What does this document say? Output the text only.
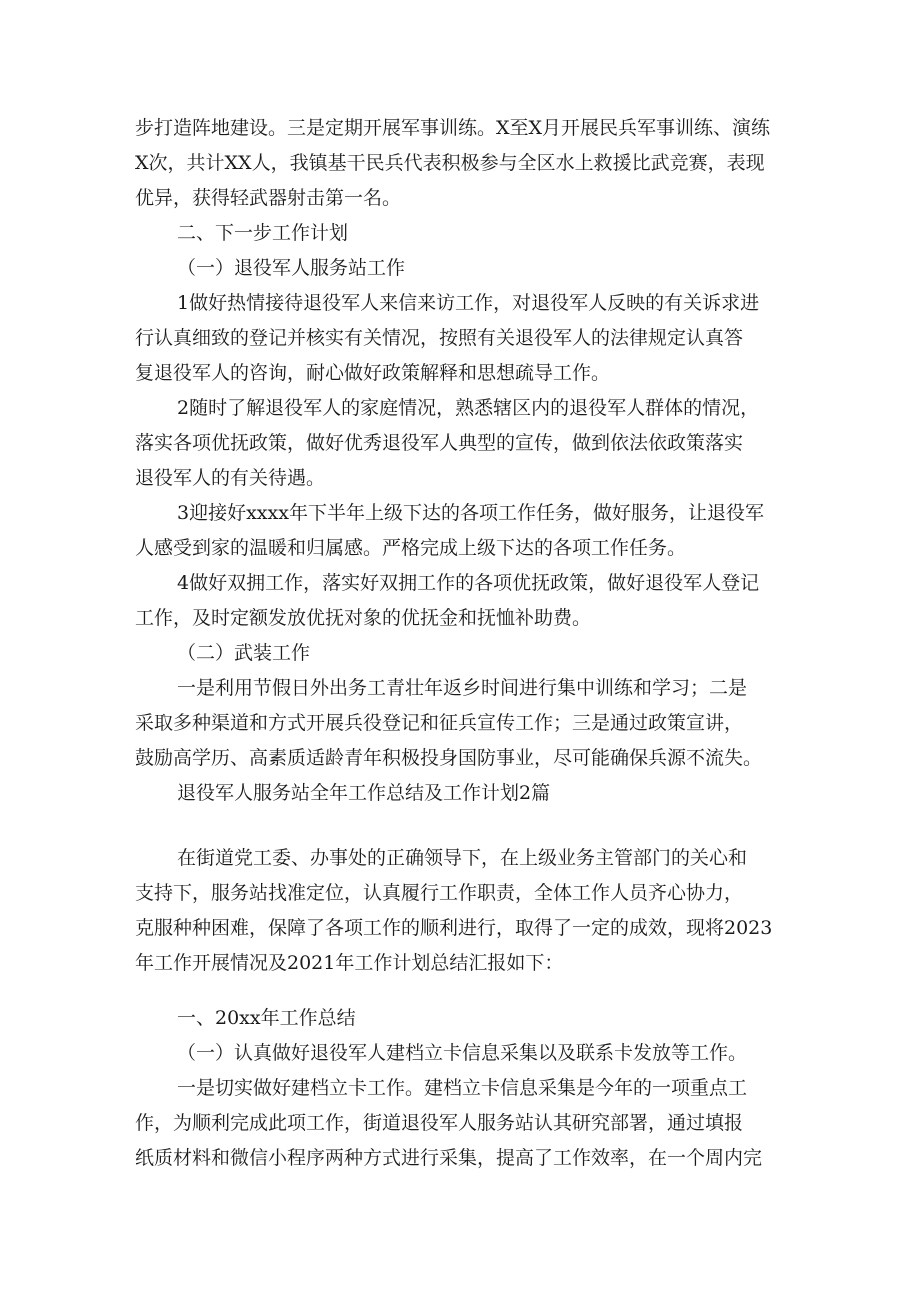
步打造阵地建设。三是定期开展军事训练。X至X月开展民兵军事训练、演练

X次，共计XX人，我镇基干民兵代表积极参与全区水上救援比武竞赛，表现

优异，获得轻武器射击第一名。

二、下一步工作计划

（一）退役军人服务站工作

1做好热情接待退役军人来信来访工作，对退役军人反映的有关诉求进

行认真细致的登记并核实有关情况，按照有关退役军人的法律规定认真答

复退役军人的咨询，耐心做好政策解释和思想疏导工作。

2随时了解退役军人的家庭情况，熟悉辖区内的退役军人群体的情况，

落实各项优抚政策，做好优秀退役军人典型的宣传，做到依法依政策落实

退役军人的有关待遇。

3迎接好xxxx年下半年上级下达的各项工作任务，做好服务，让退役军

人感受到家的温暖和归属感。严格完成上级下达的各项工作任务。

4做好双拥工作，落实好双拥工作的各项优抚政策，做好退役军人登记

工作，及时定额发放优抚对象的优抚金和抚恤补助费。

（二）武装工作

一是利用节假日外出务工青壮年返乡时间进行集中训练和学习；二是

采取多种渠道和方式开展兵役登记和征兵宣传工作；三是通过政策宣讲，

鼓励高学历、高素质适龄青年积极投身国防事业，尽可能确保兵源不流失。

退役军人服务站全年工作总结及工作计划2篇

在街道党工委、办事处的正确领导下，在上级业务主管部门的关心和

支持下，服务站找准定位，认真履行工作职责，全体工作人员齐心协力，

克服种种困难，保障了各项工作的顺利进行，取得了一定的成效，现将2023

年工作开展情况及2021年工作计划总结汇报如下：

一、20xx年工作总结

（一）认真做好退役军人建档立卡信息采集以及联系卡发放等工作。

一是切实做好建档立卡工作。建档立卡信息采集是今年的一项重点工

作，为顺利完成此项工作，街道退役军人服务站认其研究部署，通过填报

纸质材料和微信小程序两种方式进行采集，提高了工作效率，在一个周内完
